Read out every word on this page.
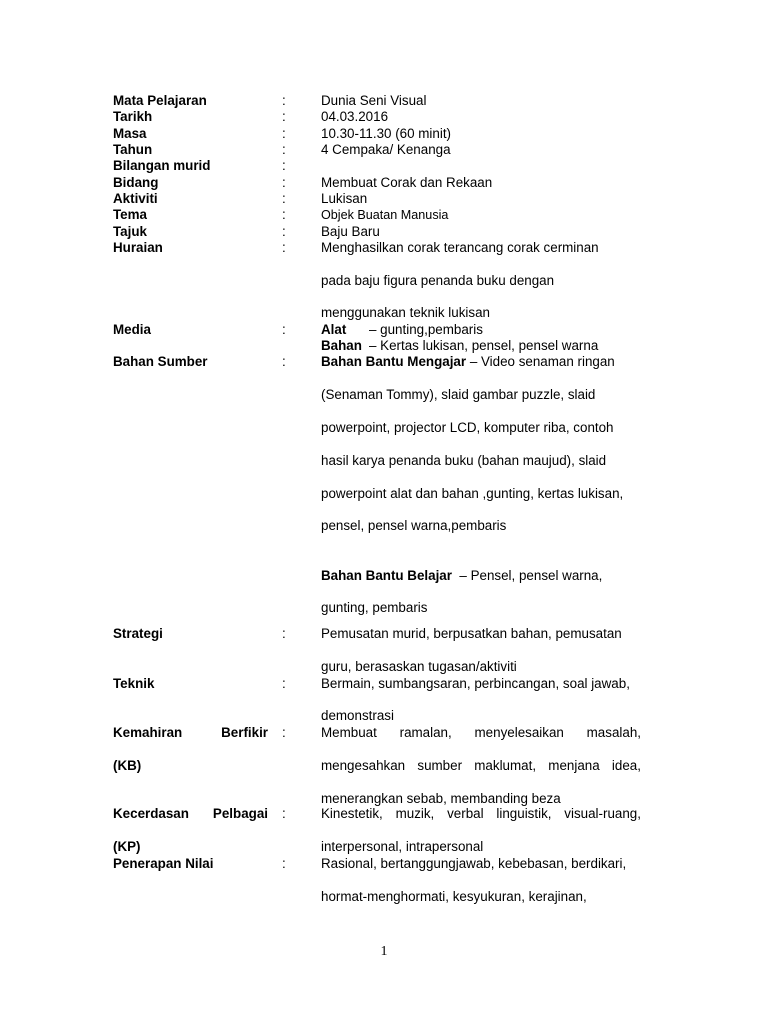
Mata Pelajaran	:	Dunia Seni Visual
Tarikh	:	04.03.2016
Masa	:	10.30-11.30 (60 minit)
Tahun	:	4 Cempaka/ Kenanga
Bilangan murid	:
Bidang	:	Membuat Corak dan Rekaan
Aktiviti	:	Lukisan
Tema	:	Objek Buatan Manusia
Tajuk	:	Baju Baru
Huraian	:	Menghasilkan corak terancang corak cerminan
pada baju figura penanda buku dengan
menggunakan teknik lukisan
Media	:	Alat – gunting,pembaris
Bahan – Kertas lukisan, pensel, pensel warna
Bahan Sumber	:	Bahan Bantu Mengajar – Video senaman ringan
(Senaman Tommy), slaid gambar puzzle, slaid
powerpoint, projector LCD, komputer riba, contoh
hasil karya penanda buku (bahan maujud), slaid
powerpoint alat dan bahan ,gunting, kertas lukisan,
pensel, pensel warna,pembaris
Bahan Bantu Belajar – Pensel, pensel warna,
gunting, pembaris
Strategi	:	Pemusatan murid, berpusatkan bahan, pemusatan
guru, berasaskan tugasan/aktiviti
Teknik	:	Bermain, sumbangsaran, perbincangan, soal jawab,
demonstrasi
Kemahiran	Berfikir :	Membuat ramalan, menyelesaikan masalah,
(KB)	mengesahkan sumber maklumat, menjana idea,
menerangkan sebab, membanding beza
Kecerdasan Pelbagai :	Kinestetik, muzik, verbal linguistik, visual-ruang,
(KP)	interpersonal, intrapersonal
Penerapan Nilai	:	Rasional, bertanggungjawab, kebebasan, berdikari,
hormat-menghormati, kesyukuran, kerajinan,
1
